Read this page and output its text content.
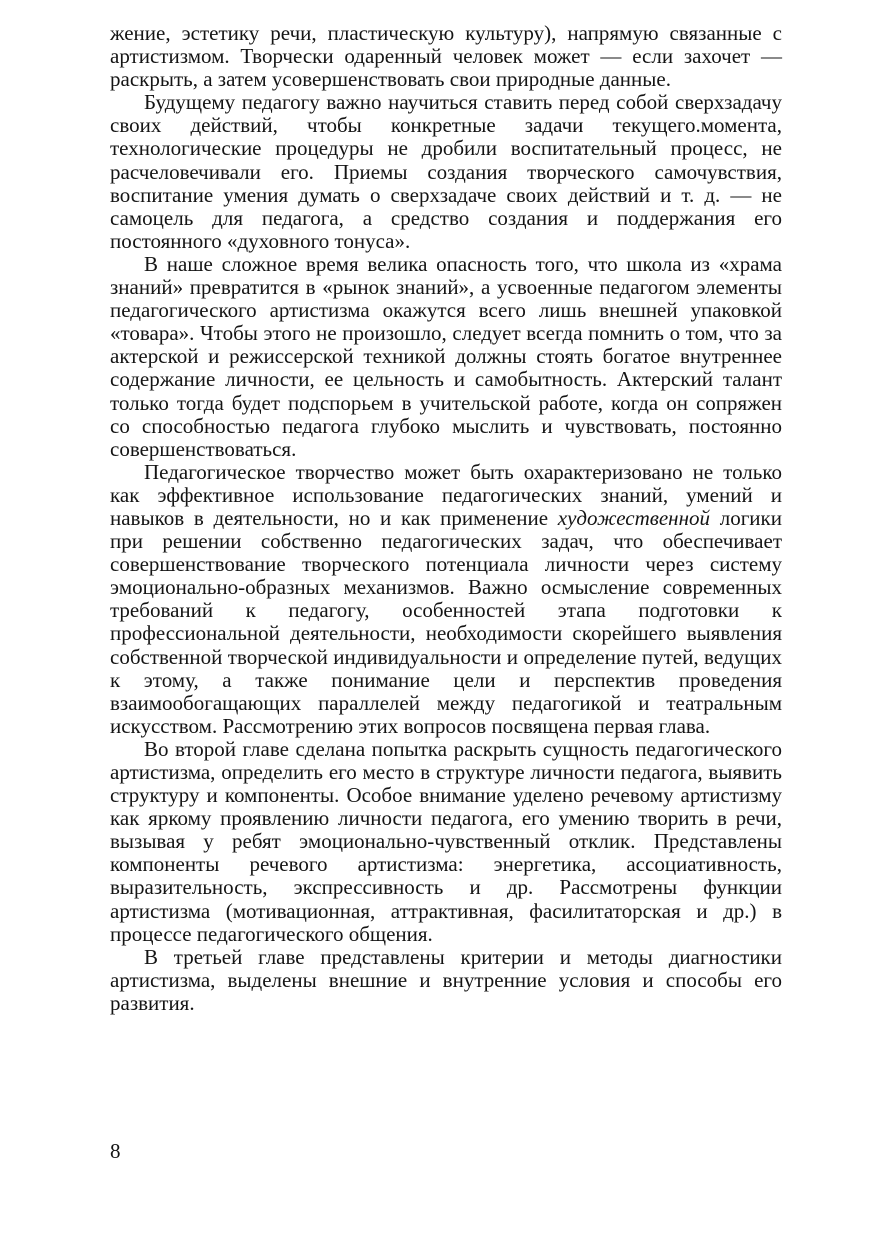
жение, эстетику речи, пластическую культуру), напрямую связанные с артистизмом. Творчески одаренный человек может — если захочет — раскрыть, а затем усовершенствовать свои природные данные.

Будущему педагогу важно научиться ставить перед собой сверхзадачу своих действий, чтобы конкретные задачи текущего.момента, технологические процедуры не дробили воспитательный процесс, не расчеловечивали его. Приемы создания творческого самочувствия, воспитание умения думать о сверхзадаче своих действий и т. д. — не самоцель для педагога, а средство создания и поддержания его постоянного «духовного тонуса».

В наше сложное время велика опасность того, что школа из «храма знаний» превратится в «рынок знаний», а усвоенные педагогом элементы педагогического артистизма окажутся всего лишь внешней упаковкой «товара». Чтобы этого не произошло, следует всегда помнить о том, что за актерской и режиссерской техникой должны стоять богатое внутреннее содержание личности, ее цельность и самобытность. Актерский талант только тогда будет подспорьем в учительской работе, когда он сопряжен со способностью педагога глубоко мыслить и чувствовать, постоянно совершенствоваться.

Педагогическое творчество может быть охарактеризовано не только как эффективное использование педагогических знаний, умений и навыков в деятельности, но и как применение художественной логики при решении собственно педагогических задач, что обеспечивает совершенствование творческого потенциала личности через систему эмоционально-образных механизмов. Важно осмысление современных требований к педагогу, особенностей этапа подготовки к профессиональной деятельности, необходимости скорейшего выявления собственной творческой индивидуальности и определение путей, ведущих к этому, а также понимание цели и перспектив проведения взаимообогащающих параллелей между педагогикой и театральным искусством. Рассмотрению этих вопросов посвящена первая глава.

Во второй главе сделана попытка раскрыть сущность педагогического артистизма, определить его место в структуре личности педагога, выявить структуру и компоненты. Особое внимание уделено речевому артистизму как яркому проявлению личности педагога, его умению творить в речи, вызывая у ребят эмоционально-чувственный отклик. Представлены компоненты речевого артистизма: энергетика, ассоциативность, выразительность, экспрессивность и др. Рассмотрены функции артистизма (мотивационная, аттрактивная, фасилитаторская и др.) в процессе педагогического общения.

В третьей главе представлены критерии и методы диагностики артистизма, выделены внешние и внутренние условия и способы его развития.

8
